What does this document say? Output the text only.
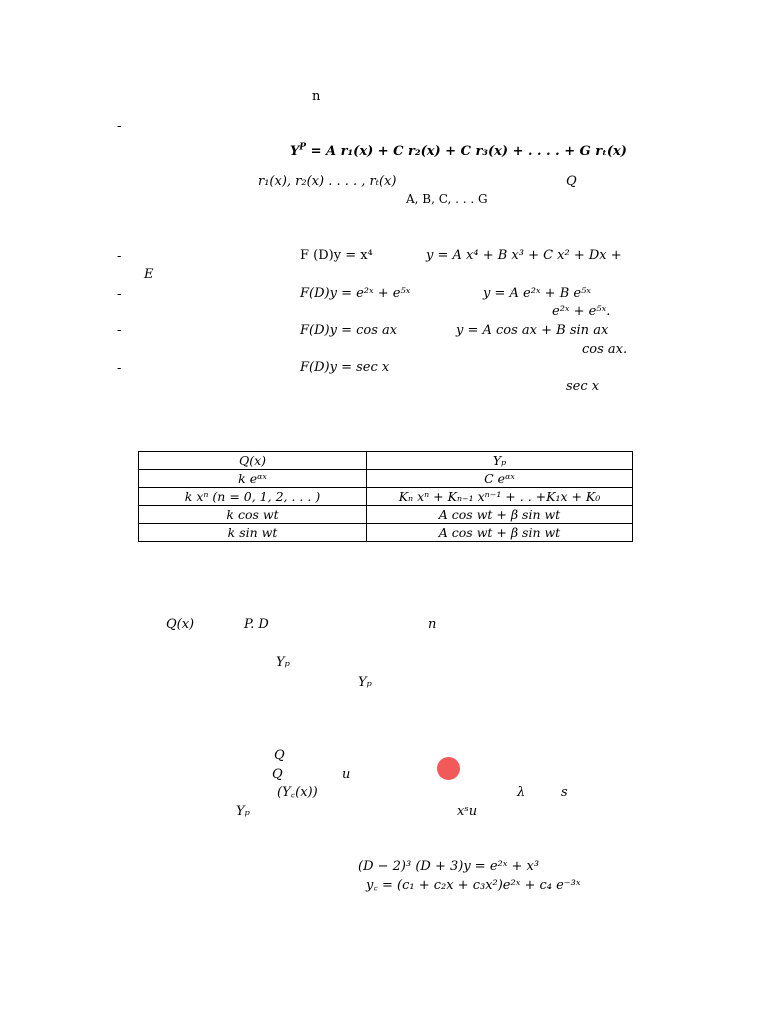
n
-
$Y^P = A$ r₁(x) + C r₂(x) + C r₃(x) + . . . . + G rₜ(x)
r₁(x), r₂(x) . . . . , rₜ(x)	Q
A, B, C, . . . G
-	F (D)y = x⁴	y = A x⁴ + B x³ + C x² + Dx +
E
-	F(D)y = e²ˣ + e⁵ˣ	y = A e²ˣ + B e⁵ˣ
e²ˣ + e⁵ˣ.
-	F(D)y = cos ax	y = A cos ax + B sin ax
cos ax.
-	F(D)y = sec x
sec x
Q(x)	Yₚ
k eᵅˣ	C eᵅˣ
k xⁿ (n = 0, 1, 2, . . . )	Kₙ xⁿ + Kₙ₋₁ xⁿ⁻¹ + . . +K₁x + K₀
k cos wt	A cos wt + β sin wt
k sin wt	A cos wt + β sin wt
Q(x)	P. D	n
Yₚ
Yₚ
Q
Q	u
(Y꜀(x))	λ	s
Yₚ	xˢu
(D − 2)³ (D + 3)y = e²ˣ + x³
y꜀ = (c₁ + c₂x + c₃x²)e²ˣ + c₄ e⁻³ˣ
